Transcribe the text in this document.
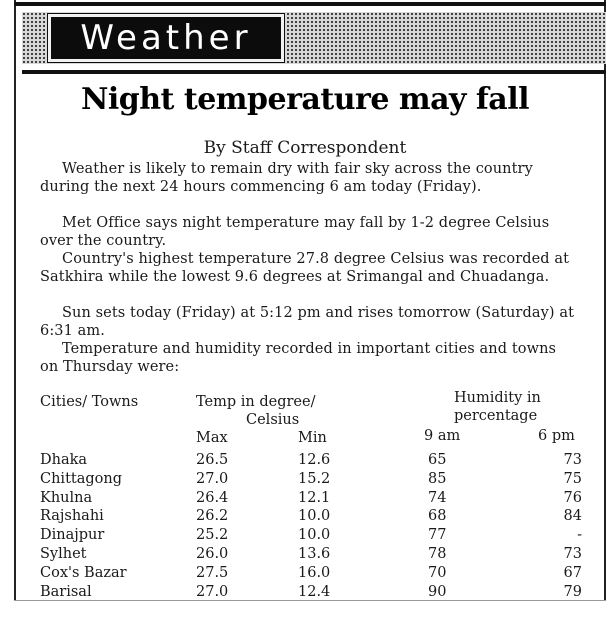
Weather
Night temperature may fall
By Staff Correspondent

Weather is likely to remain dry with fair sky across the country during the next 24 hours commencing 6 am today (Friday).

Met Office says night temperature may fall by 1-2 degree Celsius over the country.

Country's highest temperature 27.8 degree Celsius was recorded at Satkhira while the lowest 9.6 degrees at Srimangal and Chuadanga.

Sun sets today (Friday) at 5:12 pm and rises tomorrow (Saturday) at 6:31 am.

Temperature and humidity recorded in important cities and towns on Thursday were:

Cities/ Towns	Temp in degree/
Celsius
Humidity in
percentage
Max	Min	9 am	6 pm
Dhaka	26.5	12.6	65	73
Chittagong	27.0	15.2	85	75
Khulna	26.4	12.1	74	76
Rajshahi	26.2	10.0	68	84
Dinajpur	25.2	10.0	77	-
Sylhet	26.0	13.6	78	73
Cox's Bazar	27.5	16.0	70	67
Barisal	27.0	12.4	90	79
